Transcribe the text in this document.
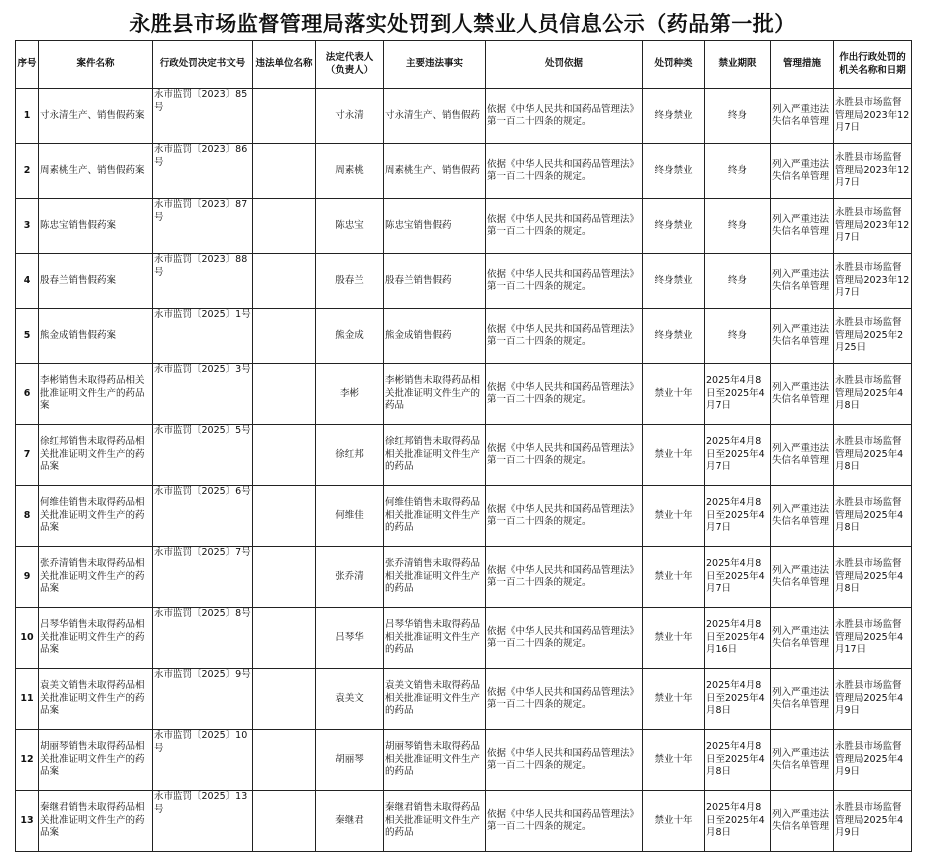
永胜县市场监督管理局落实处罚到人禁业人员信息公示（药品第一批）
序号	案件名称	行政处罚决定书文号	违法单位名称	法定代表人（负责人）	主要违法事实	处罚依据	处罚种类	禁业期限	管理措施	作出行政处罚的机关名称和日期
1	寸永清生产、销售假药案	永市监罚〔2023〕85号		寸永清	寸永清生产、销售假药	依据《中华人民共和国药品管理法》第一百二十四条的规定。	终身禁业	终身	列入严重违法失信名单管理	永胜县市场监督管理局2023年12月7日
2	周素桃生产、销售假药案	永市监罚〔2023〕86号		周素桃	周素桃生产、销售假药	依据《中华人民共和国药品管理法》第一百二十四条的规定。	终身禁业	终身	列入严重违法失信名单管理	永胜县市场监督管理局2023年12月7日
3	陈忠宝销售假药案	永市监罚〔2023〕87号		陈忠宝	陈忠宝销售假药	依据《中华人民共和国药品管理法》第一百二十四条的规定。	终身禁业	终身	列入严重违法失信名单管理	永胜县市场监督管理局2023年12月7日
4	殷春兰销售假药案	永市监罚〔2023〕88号		殷春兰	殷春兰销售假药	依据《中华人民共和国药品管理法》第一百二十四条的规定。	终身禁业	终身	列入严重违法失信名单管理	永胜县市场监督管理局2023年12月7日
5	熊金成销售假药案	永市监罚〔2025〕1号		熊金成	熊金成销售假药	依据《中华人民共和国药品管理法》第一百二十四条的规定。	终身禁业	终身	列入严重违法失信名单管理	永胜县市场监督管理局2025年2月25日
6	李彬销售未取得药品相关批准证明文件生产的药品案	永市监罚〔2025〕3号		李彬	李彬销售未取得药品相关批准证明文件生产的药品	依据《中华人民共和国药品管理法》第一百二十四条的规定。	禁业十年	2025年4月8日至2025年4月7日	列入严重违法失信名单管理	永胜县市场监督管理局2025年4月8日
7	徐红邦销售未取得药品相关批准证明文件生产的药品案	永市监罚〔2025〕5号		徐红邦	徐红邦销售未取得药品相关批准证明文件生产的药品	依据《中华人民共和国药品管理法》第一百二十四条的规定。	禁业十年	2025年4月8日至2025年4月7日	列入严重违法失信名单管理	永胜县市场监督管理局2025年4月8日
8	何维佳销售未取得药品相关批准证明文件生产的药品案	永市监罚〔2025〕6号		何维佳	何维佳销售未取得药品相关批准证明文件生产的药品	依据《中华人民共和国药品管理法》第一百二十四条的规定。	禁业十年	2025年4月8日至2025年4月7日	列入严重违法失信名单管理	永胜县市场监督管理局2025年4月8日
9	张乔清销售未取得药品相关批准证明文件生产的药品案	永市监罚〔2025〕7号		张乔清	张乔清销售未取得药品相关批准证明文件生产的药品	依据《中华人民共和国药品管理法》第一百二十四条的规定。	禁业十年	2025年4月8日至2025年4月7日	列入严重违法失信名单管理	永胜县市场监督管理局2025年4月8日
10	吕琴华销售未取得药品相关批准证明文件生产的药品案	永市监罚〔2025〕8号		吕琴华	吕琴华销售未取得药品相关批准证明文件生产的药品	依据《中华人民共和国药品管理法》第一百二十四条的规定。	禁业十年	2025年4月8日至2025年4月16日	列入严重违法失信名单管理	永胜县市场监督管理局2025年4月17日
11	袁美文销售未取得药品相关批准证明文件生产的药品案	永市监罚〔2025〕9号		袁美文	袁美文销售未取得药品相关批准证明文件生产的药品	依据《中华人民共和国药品管理法》第一百二十四条的规定。	禁业十年	2025年4月8日至2025年4月8日	列入严重违法失信名单管理	永胜县市场监督管理局2025年4月9日
12	胡丽琴销售未取得药品相关批准证明文件生产的药品案	永市监罚〔2025〕10号		胡丽琴	胡丽琴销售未取得药品相关批准证明文件生产的药品	依据《中华人民共和国药品管理法》第一百二十四条的规定。	禁业十年	2025年4月8日至2025年4月8日	列入严重违法失信名单管理	永胜县市场监督管理局2025年4月9日
13	秦继君销售未取得药品相关批准证明文件生产的药品案	永市监罚〔2025〕13号		秦继君	秦继君销售未取得药品相关批准证明文件生产的药品	依据《中华人民共和国药品管理法》第一百二十四条的规定。	禁业十年	2025年4月8日至2025年4月8日	列入严重违法失信名单管理	永胜县市场监督管理局2025年4月9日
